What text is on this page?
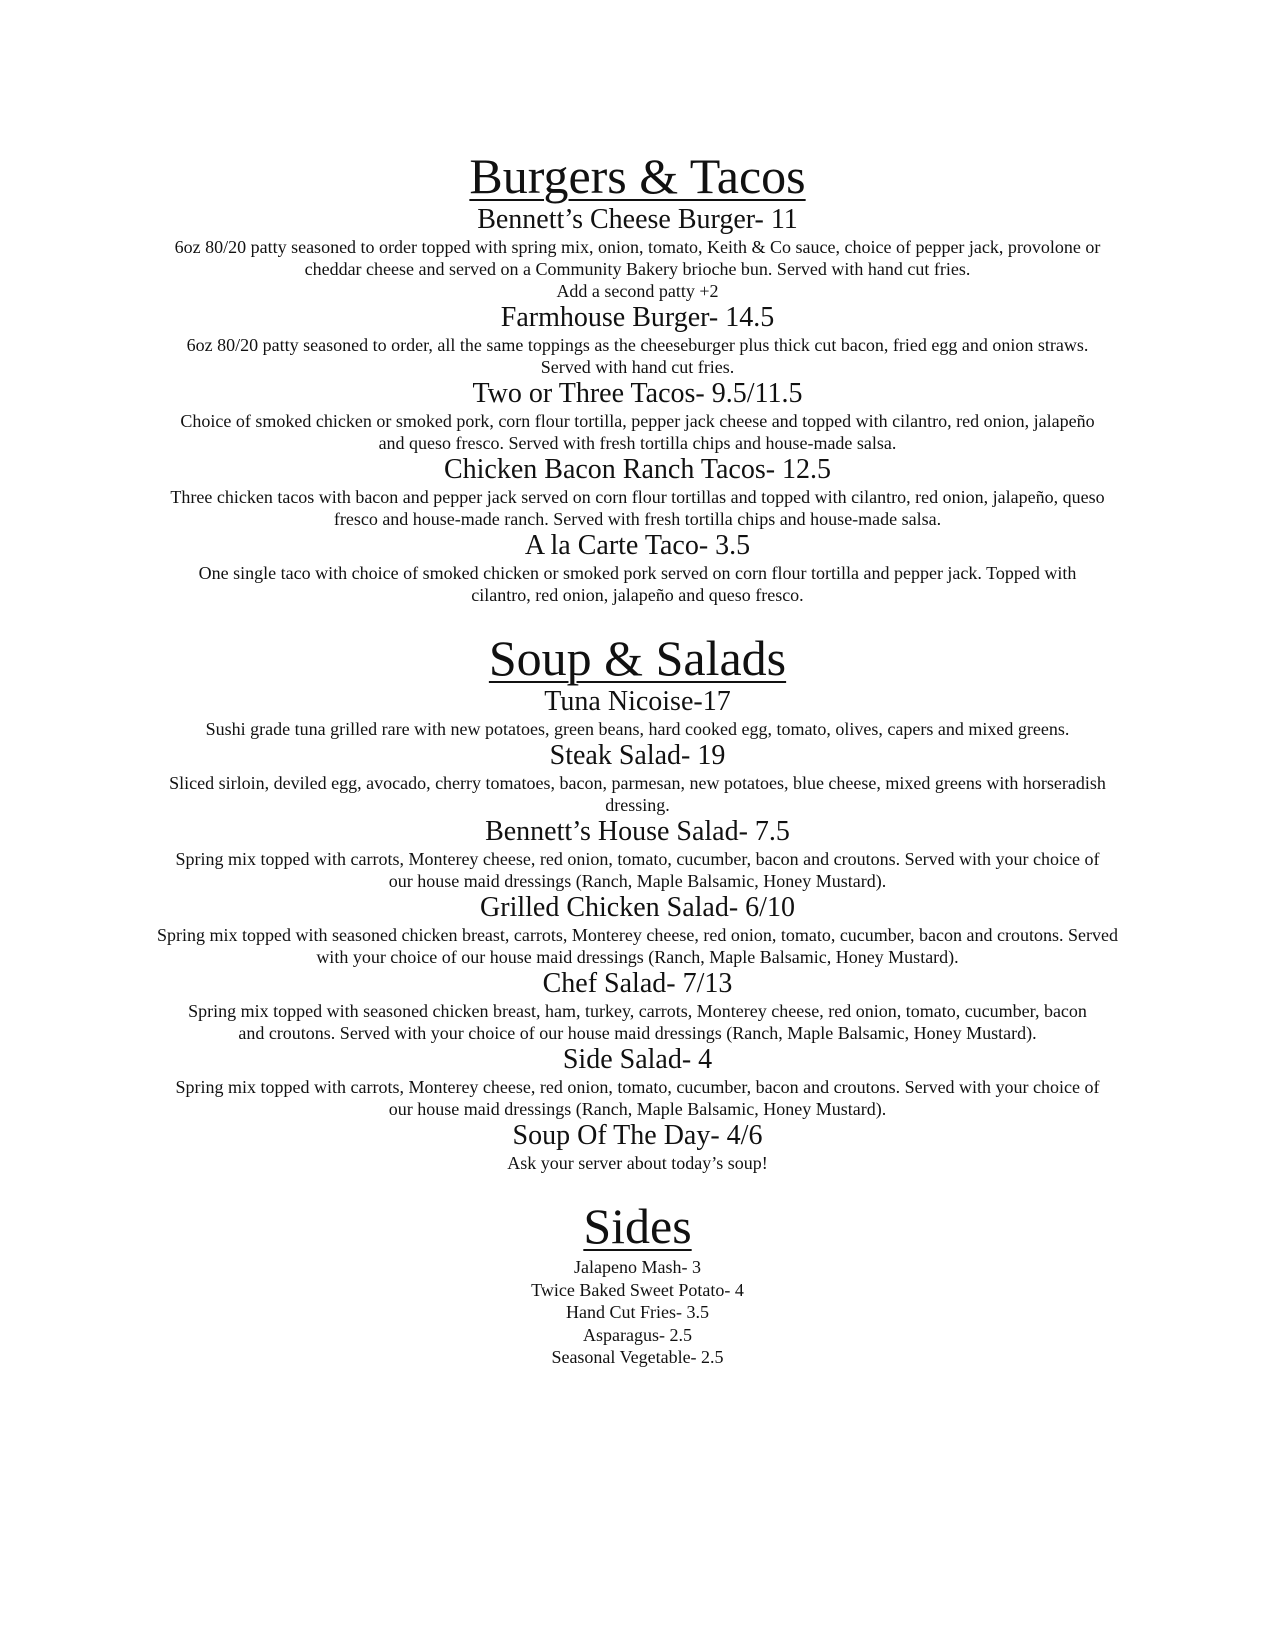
Burgers & Tacos
Bennett’s Cheese Burger- 11
6oz 80/20 patty seasoned to order topped with spring mix, onion, tomato, Keith & Co sauce, choice of pepper jack, provolone or cheddar cheese and served on a Community Bakery brioche bun. Served with hand cut fries.
Add a second patty +2
Farmhouse Burger- 14.5
6oz 80/20 patty seasoned to order, all the same toppings as the cheeseburger plus thick cut bacon, fried egg and onion straws. Served with hand cut fries.
Two or Three Tacos- 9.5/11.5
Choice of smoked chicken or smoked pork, corn flour tortilla, pepper jack cheese and topped with cilantro, red onion, jalapeño and queso fresco. Served with fresh tortilla chips and house-made salsa.
Chicken Bacon Ranch Tacos- 12.5
Three chicken tacos with bacon and pepper jack served on corn flour tortillas and topped with cilantro, red onion, jalapeño, queso fresco and house-made ranch. Served with fresh tortilla chips and house-made salsa.
A la Carte Taco- 3.5
One single taco with choice of smoked chicken or smoked pork served on corn flour tortilla and pepper jack. Topped with cilantro, red onion, jalapeño and queso fresco.
Soup & Salads
Tuna Nicoise-17
Sushi grade tuna grilled rare with new potatoes, green beans, hard cooked egg, tomato, olives, capers and mixed greens.
Steak Salad- 19
Sliced sirloin, deviled egg, avocado, cherry tomatoes, bacon, parmesan, new potatoes, blue cheese, mixed greens with horseradish dressing.
Bennett’s House Salad- 7.5
Spring mix topped with carrots, Monterey cheese, red onion, tomato, cucumber, bacon and croutons. Served with your choice of our house maid dressings (Ranch, Maple Balsamic, Honey Mustard).
Grilled Chicken Salad- 6/10
Spring mix topped with seasoned chicken breast, carrots, Monterey cheese, red onion, tomato, cucumber, bacon and croutons. Served with your choice of our house maid dressings (Ranch, Maple Balsamic, Honey Mustard).
Chef Salad- 7/13
Spring mix topped with seasoned chicken breast, ham, turkey, carrots, Monterey cheese, red onion, tomato, cucumber, bacon and croutons. Served with your choice of our house maid dressings (Ranch, Maple Balsamic, Honey Mustard).
Side Salad- 4
Spring mix topped with carrots, Monterey cheese, red onion, tomato, cucumber, bacon and croutons. Served with your choice of our house maid dressings (Ranch, Maple Balsamic, Honey Mustard).
Soup Of The Day- 4/6
Ask your server about today’s soup!
Sides
Jalapeno Mash- 3
Twice Baked Sweet Potato- 4
Hand Cut Fries- 3.5
Asparagus- 2.5
Seasonal Vegetable- 2.5
